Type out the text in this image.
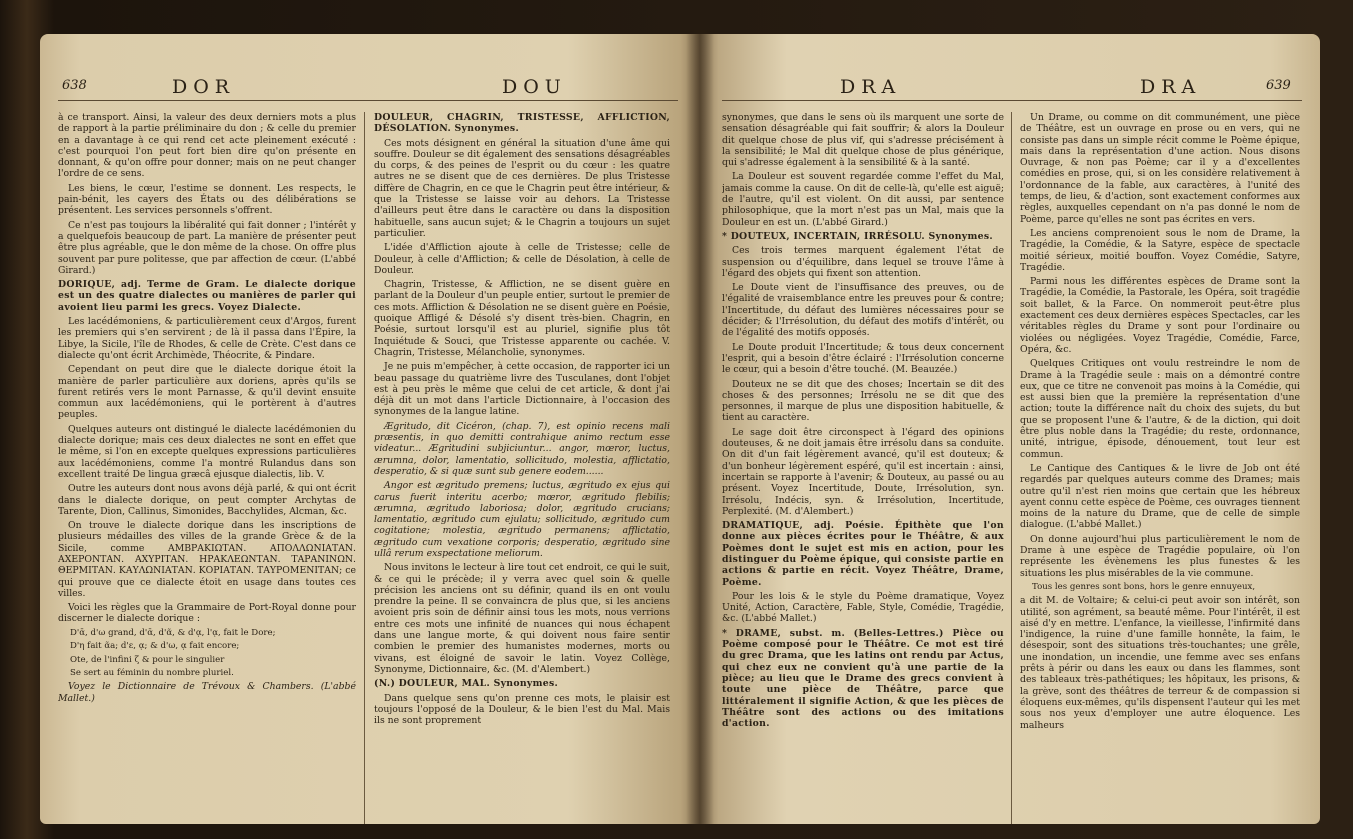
638	DOR	DOU

à ce transport. Ainsi, la valeur des deux derniers mots a plus de rapport à la partie préliminaire du don ; & celle du premier en a davantage à ce qui rend cet acte pleinement exécuté : c'est pourquoi l'on peut fort bien dire qu'on présente en donnant, & qu'on offre pour donner; mais on ne peut changer l'ordre de ce sens.

Les biens, le cœur, l'estime se donnent. Les respects, le pain-bénit, les cayers des États ou des délibérations se présentent. Les services personnels s'offrent.

Ce n'est pas toujours la libéralité qui fait donner ; l'intérêt y a quelquefois beaucoup de part. La manière de présenter peut être plus agréable, que le don même de la chose. On offre plus souvent par pure politesse, que par affection de cœur. (L'abbé Girard.)

DORIQUE, adj. Terme de Gram. Le dialecte dorique est un des quatre dialectes ou manières de parler qui avoient lieu parmi les grecs. Voyez Dialecte.

Les lacédémoniens, & particulièrement ceux d'Argos, furent les premiers qui s'en servirent ; de là il passa dans l'Épire, la Libye, la Sicile, l'île de Rhodes, & celle de Crète. C'est dans ce dialecte qu'ont écrit Archimède, Théocrite, & Pindare.

Cependant on peut dire que le dialecte dorique étoit la manière de parler particulière aux doriens, après qu'ils se furent retirés vers le mont Parnasse, & qu'il devint ensuite commun aux lacédémoniens, qui le portèrent à d'autres peuples.

Quelques auteurs ont distingué le dialecte lacédémonien du dialecte dorique; mais ces deux dialectes ne sont en effet que le même, si l'on en excepte quelques expressions particulières aux lacédémoniens, comme l'a montré Rulandus dans son excellent traité De lingua græcâ ejusque dialectis, lib. V.

Outre les auteurs dont nous avons déjà parlé, & qui ont écrit dans le dialecte dorique, on peut compter Archytas de Tarente, Dion, Callinus, Simonides, Bacchylides, Alcman, &c.

On trouve le dialecte dorique dans les inscriptions de plusieurs médailles des villes de la grande Grèce & de la Sicile, comme ΑΜΒΡΑΚΙΩΤΑΝ. ΑΠΟΛΛΩΝΙΑΤΑΝ. ΑΧΕΡΟΝΤΑΝ. ΑΧΥΡΙΤΑΝ. ΗΡΑΚΛΕΩΝΤΑΝ. ΤΑΡΑΝΙΝΩΝ. ΘΕΡΜΙΤΑΝ. ΚΑΥΛΩΝΙΑΤΑΝ. ΚΟΡΙΑΤΑΝ. ΤΑΥΡΟΜΕΝΙΤΑΝ; ce qui prouve que ce dialecte étoit en usage dans toutes ces villes.

Voici les règles que la Grammaire de Port-Royal donne pour discerner le dialecte dorique :

D'ᾱ, d'ω grand, d'ᾱ, d'ᾶ, & d'ᾳ, l'ᾳ, fait le Dore;

D'η fait ᾶa; d'ε, ᾳ; & d'ω, ᾳ fait encore;

Ote, de l'infini ζ & pour le singulier

Se sert au féminin du nombre pluriel.

Voyez le Dictionnaire de Trévoux & Chambers. (L'abbé Mallet.)

DOULEUR, CHAGRIN, TRISTESSE, AFFLICTION, DÉSOLATION. Synonymes.

Ces mots désignent en général la situation d'une âme qui souffre. Douleur se dit également des sensations désagréables du corps, & des peines de l'esprit ou du cœur : les quatre autres ne se disent que de ces dernières. De plus Tristesse diffère de Chagrin, en ce que le Chagrin peut être intérieur, & que la Tristesse se laisse voir au dehors. La Tristesse d'ailleurs peut être dans le caractère ou dans la disposition habituelle, sans aucun sujet; & le Chagrin a toujours un sujet particulier.

L'idée d'Affliction ajoute à celle de Tristesse; celle de Douleur, à celle d'Affliction; & celle de Désolation, à celle de Douleur.

Chagrin, Tristesse, & Affliction, ne se disent guère en parlant de la Douleur d'un peuple entier, surtout le premier de ces mots. Affliction & Désolation ne se disent guère en Poésie, quoique Affligé & Désolé s'y disent très-bien. Chagrin, en Poésie, surtout lorsqu'il est au pluriel, signifie plus tôt Inquiétude & Souci, que Tristesse apparente ou cachée. V. Chagrin, Tristesse, Mélancholie, synonymes.

Je ne puis m'empêcher, à cette occasion, de rapporter ici un beau passage du quatrième livre des Tusculanes, dont l'objet est à peu près le même que celui de cet article, & dont j'ai déjà dit un mot dans l'article Dictionnaire, à l'occasion des synonymes de la langue latine.

Ægritudo, dit Cicéron, (chap. 7), est opinio recens mali præsentis, in quo demitti contrahique animo rectum esse videatur... Ægritudini subjiciuntur... angor, mœror, luctus, ærumna, dolor, lamentatio, sollicitudo, molestia, afflictatio, desperatio, & si quæ sunt sub genere eodem......

Angor est ægritudo premens; luctus, ægritudo ex ejus qui carus fuerit interitu acerbo; mœror, ægritudo flebilis; ærumna, ægritudo laboriosa; dolor, ægritudo crucians; lamentatio, ægritudo cum ejulatu; sollicitudo, ægritudo cum cogitatione; molestia, ægritudo permanens; afflictatio, ægritudo cum vexatione corporis; desperatio, ægritudo sine ullâ rerum exspectatione meliorum.

Nous invitons le lecteur à lire tout cet endroit, ce qui le suit, & ce qui le précède; il y verra avec quel soin & quelle précision les anciens ont su définir, quand ils en ont voulu prendre la peine. Il se convaincra de plus que, si les anciens avoient pris soin de définir ainsi tous les mots, nous verrions entre ces mots une infinité de nuances qui nous échapent dans une langue morte, & qui doivent nous faire sentir combien le premier des humanistes modernes, morts ou vivans, est éloigné de savoir le latin. Voyez Collège, Synonyme, Dictionnaire, &c. (M. d'Alembert.)

(N.) DOULEUR, MAL. Synonymes.

Dans quelque sens qu'on prenne ces mots, le plaisir est toujours l'opposé de la Douleur, & le bien l'est du Mal. Mais ils ne sont proprement

DRA	DRA	639

synonymes, que dans le sens où ils marquent une sorte de sensation désagréable qui fait souffrir; & alors la Douleur dit quelque chose de plus vif, qui s'adresse précisément à la sensibilité; le Mal dit quelque chose de plus générique, qui s'adresse également à la sensibilité & à la santé.

La Douleur est souvent regardée comme l'effet du Mal, jamais comme la cause. On dit de celle-là, qu'elle est aiguë; de l'autre, qu'il est violent. On dit aussi, par sentence philosophique, que la mort n'est pas un Mal, mais que la Douleur en est un. (L'abbé Girard.)

* DOUTEUX, INCERTAIN, IRRÉSOLU. Synonymes.

Ces trois termes marquent également l'état de suspension ou d'équilibre, dans lequel se trouve l'âme à l'égard des objets qui fixent son attention.

Le Doute vient de l'insuffisance des preuves, ou de l'égalité de vraisemblance entre les preuves pour & contre; l'Incertitude, du défaut des lumières nécessaires pour se décider; & l'Irrésolution, du défaut des motifs d'intérêt, ou de l'égalité des motifs opposés.

Le Doute produit l'Incertitude; & tous deux concernent l'esprit, qui a besoin d'être éclairé : l'Irrésolution concerne le cœur, qui a besoin d'être touché. (M. Beauzée.)

Douteux ne se dit que des choses; Incertain se dit des choses & des personnes; Irrésolu ne se dit que des personnes, il marque de plus une disposition habituelle, & tient au caractère.

Le sage doit être circonspect à l'égard des opinions douteuses, & ne doit jamais être irrésolu dans sa conduite. On dit d'un fait légèrement avancé, qu'il est douteux; & d'un bonheur légèrement espéré, qu'il est incertain : ainsi, incertain se rapporte à l'avenir; & Douteux, au passé ou au présent. Voyez Incertitude, Doute, Irrésolution, syn. Irrésolu, Indécis, syn. & Irrésolution, Incertitude, Perplexité. (M. d'Alembert.)

DRAMATIQUE, adj. Poésie. Épithète que l'on donne aux pièces écrites pour le Théâtre, & aux Poèmes dont le sujet est mis en action, pour les distinguer du Poème épique, qui consiste partie en actions & partie en récit. Voyez Théâtre, Drame, Poème.

Pour les lois & le style du Poème dramatique, Voyez Unité, Action, Caractère, Fable, Style, Comédie, Tragédie, &c. (L'abbé Mallet.)

* DRAME, subst. m. (Belles-Lettres.) Pièce ou Poème composé pour le Théâtre. Ce mot est tiré du grec Drama, que les latins ont rendu par Actus, qui chez eux ne convient qu'à une partie de la pièce; au lieu que le Drame des grecs convient à toute une pièce de Théâtre, parce que littéralement il signifie Action, & que les pièces de Théâtre sont des actions ou des imitations d'action.

Un Drame, ou comme on dit communément, une pièce de Théâtre, est un ouvrage en prose ou en vers, qui ne consiste pas dans un simple récit comme le Poème épique, mais dans la représentation d'une action. Nous disons Ouvrage, & non pas Poème; car il y a d'excellentes comédies en prose, qui, si on les considère relativement à l'ordonnance de la fable, aux caractères, à l'unité des temps, de lieu, & d'action, sont exactement conformes aux règles, auxquelles cependant on n'a pas donné le nom de Poème, parce qu'elles ne sont pas écrites en vers.

Les anciens comprenoient sous le nom de Drame, la Tragédie, la Comédie, & la Satyre, espèce de spectacle moitié sérieux, moitié bouffon. Voyez Comédie, Satyre, Tragédie.

Parmi nous les différentes espèces de Drame sont la Tragédie, la Comédie, la Pastorale, les Opéra, soit tragédie soit ballet, & la Farce. On nommeroit peut-être plus exactement ces deux dernières espèces Spectacles, car les véritables règles du Drame y sont pour l'ordinaire ou violées ou négligées. Voyez Tragédie, Comédie, Farce, Opéra, &c.

Quelques Critiques ont voulu restreindre le nom de Drame à la Tragédie seule : mais on a démontré contre eux, que ce titre ne convenoit pas moins à la Comédie, qui est aussi bien que la première la représentation d'une action; toute la différence naît du choix des sujets, du but que se proposent l'une & l'autre, & de la diction, qui doit être plus noble dans la Tragédie; du reste, ordonnance, unité, intrigue, épisode, dénouement, tout leur est commun.

Le Cantique des Cantiques & le livre de Job ont été regardés par quelques auteurs comme des Drames; mais outre qu'il n'est rien moins que certain que les hébreux ayent connu cette espèce de Poème, ces ouvrages tiennent moins de la nature du Drame, que de celle de simple dialogue. (L'abbé Mallet.)

On donne aujourd'hui plus particulièrement le nom de Drame à une espèce de Tragédie populaire, où l'on représente les évènemens les plus funestes & les situations les plus misérables de la vie commune.

Tous les genres sont bons, hors le genre ennuyeux,

a dit M. de Voltaire; & celui-ci peut avoir son intérêt, son utilité, son agrément, sa beauté même. Pour l'intérêt, il est aisé d'y en mettre. L'enfance, la vieillesse, l'infirmité dans l'indigence, la ruine d'une famille honnête, la faim, le désespoir, sont des situations très-touchantes; une grêle, une inondation, un incendie, une femme avec ses enfans prêts à périr ou dans les eaux ou dans les flammes, sont des tableaux très-pathétiques; les hôpitaux, les prisons, & la grève, sont des théâtres de terreur & de compassion si éloquens eux-mêmes, qu'ils dispensent l'auteur qui les met sous nos yeux d'employer une autre éloquence. Les malheurs
